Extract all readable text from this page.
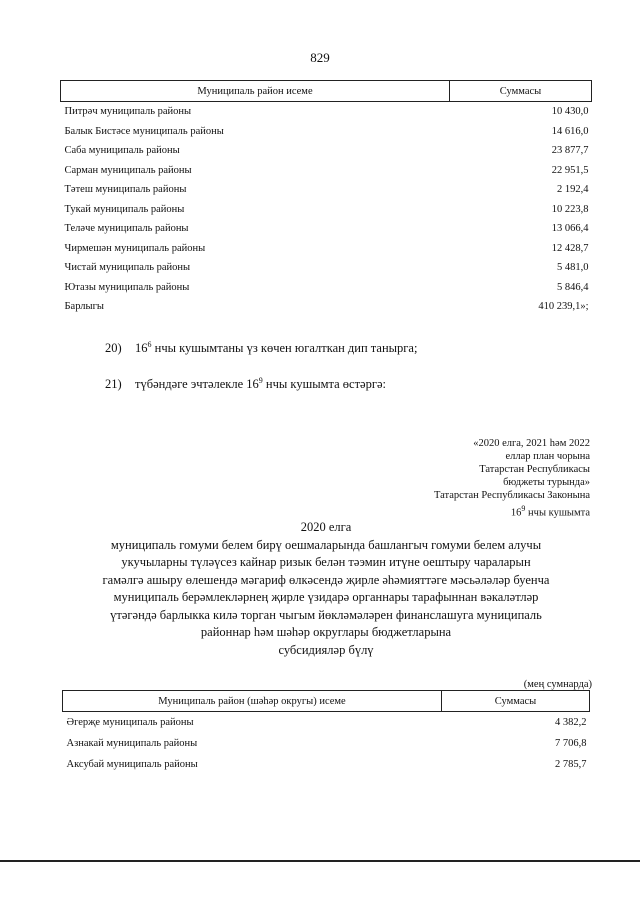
829
Муниципаль район исеме	Суммасы
Питрәч муниципаль районы	10 430,0
Балык Бистәсе муниципаль районы	14 616,0
Саба муниципаль районы	23 877,7
Сарман муниципаль районы	22 951,5
Тәтеш муниципаль районы	2 192,4
Тукай муниципаль районы	10 223,8
Теләче муниципаль районы	13 066,4
Чирмешән муниципаль районы	12 428,7
Чистай муниципаль районы	5 481,0
Ютазы муниципаль районы	5 846,4
Барлыгы	410 239,1»;
20) $16^6$ нчы кушымтаны үз көчен югалткан дип танырга;
21) түбәндәге эчтәлекле $16^9$ нчы кушымта өстәргә:
«2020 елга, 2021 һәм 2022
еллар план чорына
Татарстан Республикасы
бюджеты турында»
Татарстан Республикасы Законына
$16^9$ нчы кушымта
2020 елга
муниципаль гомуми белем бирү оешмаларында башлангыч гомуми белем алучы
укучыларны түләүсез кайнар ризык белән тәэмин итүне оештыру чараларын
гамәлгә ашыру өлешендә мәгариф өлкәсендә җирле әһәмияттәге мәсьәләләр буенча
муниципаль берәмлекләрнең җирле үзидарә органнары тарафыннан вәкаләтләр
үтәгәндә барлыкка килә торган чыгым йөкләмәләрен финанслашуга муниципаль
районнар һәм шәһәр округлары бюджетларына
субсидияләр бүлү
(мең сумнарда)
Муниципаль район (шәһәр округы) исеме	Суммасы
Әгерҗе муниципаль районы	4 382,2
Азнакай муниципаль районы	7 706,8
Аксубай муниципаль районы	2 785,7
